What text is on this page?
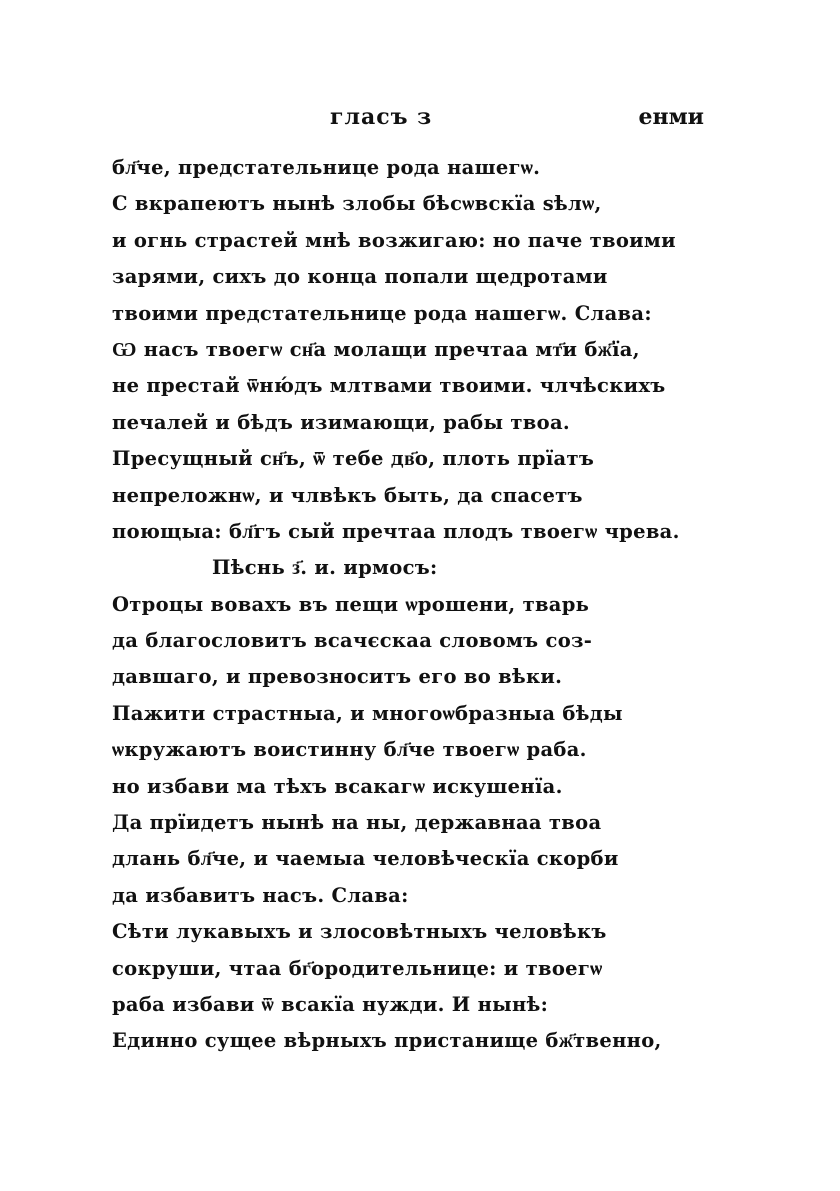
гласъ з	енми
бл҃че, предстательнице рода нашегѡ.
С вкрапеютъ нынѣ злобы бѣсѡвскїа ѕѣлѡ,
и огнь страстей мнѣ возжигаю: но паче твоими
зарями, сихъ до конца попали щедротами
твоими предстательнице рода нашегѡ. Слава:
Ѡ насъ твоегѡ сн҃а молащи пречтаа мт҃и бж҃їа,
не престай ѿню́дъ млтвами твоими. члчѣскихъ
печалей и бѣдъ изимающи, рабы твоа.
Пресущный сн҃ъ, ѿ тебе дв҃о, плоть прїатъ
непреложнѡ, и члвѣкъ быть, да спасетъ
поющыа: бл҃гъ сый пречтаа плодъ твоегѡ чрева.
Пѣснь з҃. и. ирмосъ:
Отроцы вовахъ въ пещи ѡрошени, тварь
да благословитъ всачєскаа словомъ соз-
давшаго, и превозноситъ его во вѣки.
Пажити страстныа, и многоѡбразныа бѣды
ѡкружаютъ воистинну бл҃че твоегѡ раба.
но избави ма тѣхъ всакагѡ искушенїа.
Да прїидетъ нынѣ на ны, державнаа твоа
длань бл҃че, и чаемыа человѣческїа скорби
да избавитъ насъ. Слава:
Сѣти лукавыхъ и злосовѣтныхъ человѣкъ
сокруши, чтаа бг҃ородительнице: и твоегѡ
раба избави ѿ всакїа нужди. И нынѣ:
Единно сущее вѣрныхъ пристанище бж҃твенно,
